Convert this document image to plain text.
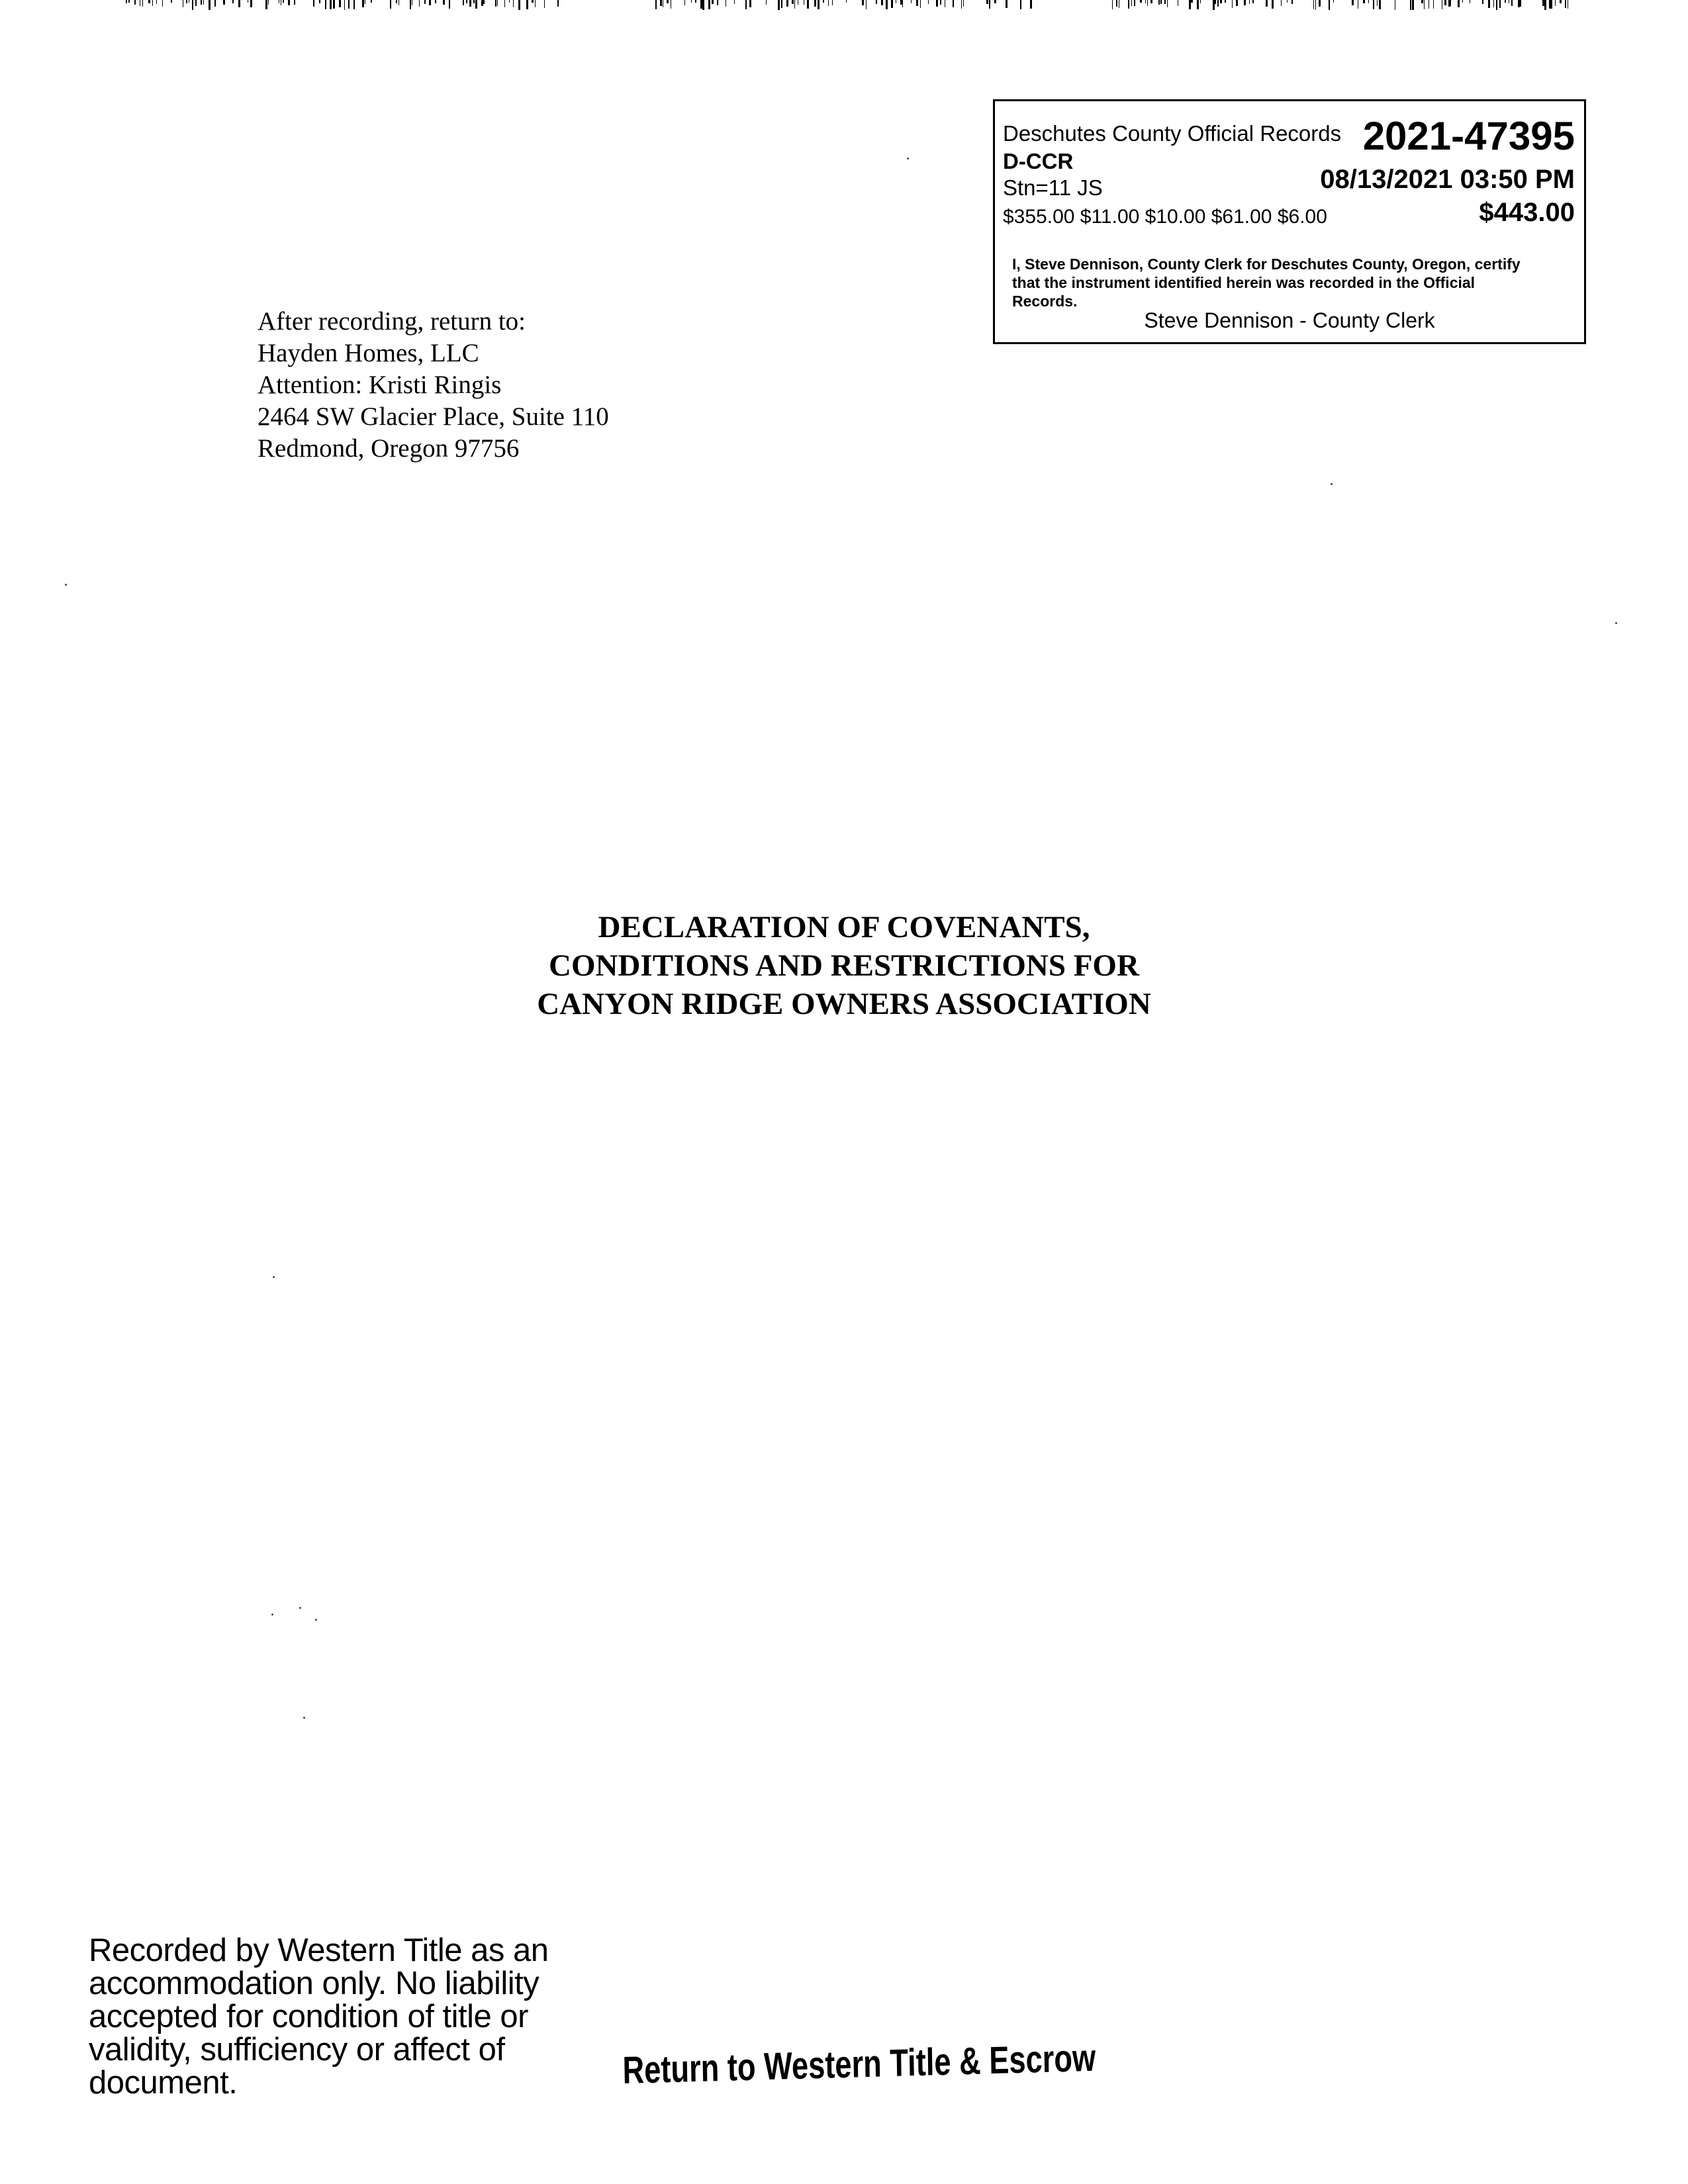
Deschutes County Official Records 2021-47395
D-CCR
Stn=11 JS	08/13/2021 03:50 PM
$355.00 $11.00 $10.00 $61.00 $6.00	$443.00
I, Steve Dennison, County Clerk for Deschutes County, Oregon, certify that the instrument identified herein was recorded in the Official Records.
Steve Dennison - County Clerk
After recording, return to:
Hayden Homes, LLC
Attention: Kristi Ringis
2464 SW Glacier Place, Suite 110
Redmond, Oregon 97756
DECLARATION OF COVENANTS,
CONDITIONS AND RESTRICTIONS FOR
CANYON RIDGE OWNERS ASSOCIATION
Recorded by Western Title as an
accommodation only. No liability
accepted for condition of title or
validity, sufficiency or affect of
document.	Return to Western Title & Escrow
